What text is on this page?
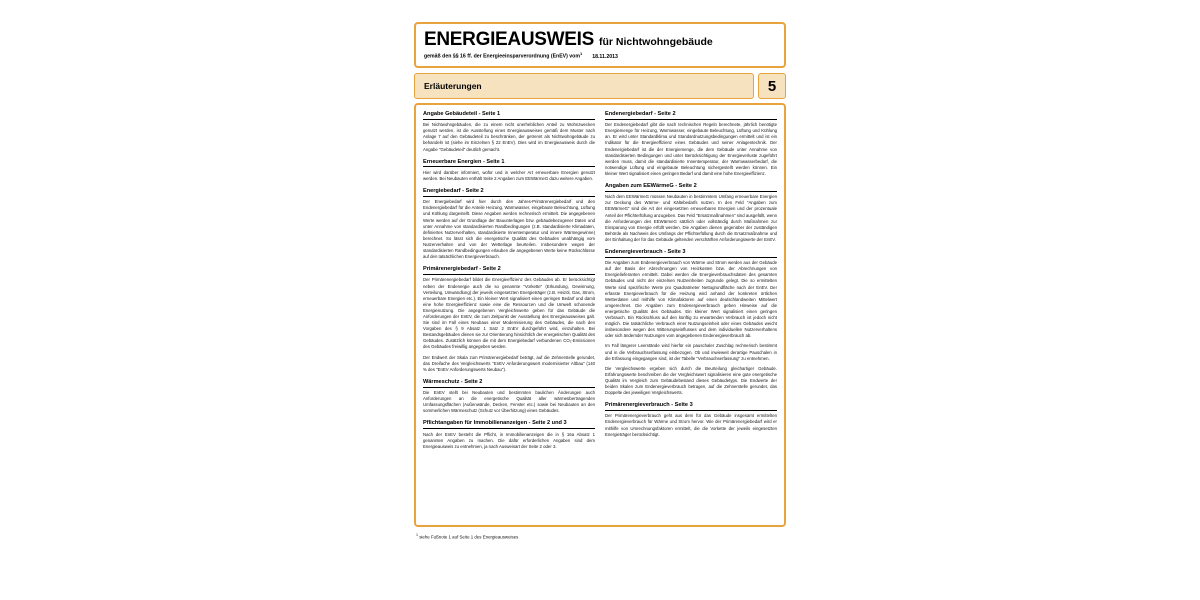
ENERGIEAUSWEIS für Nichtwohngebäude
gemäß den §§ 16 ff. der Energieeinsparverordnung (EnEV) vom$^1$18.11.2013
Erläuterungen	5
Angabe Gebäudeteil - Seite 1

Bei Nichtwohngebäuden, die zu einem nicht unerheblichen Anteil zu Wohnzwecken genutzt werden, ist die Ausstellung eines Energieausweises gemäß dem Muster nach Anlage 7 auf den Gebäudeteil zu beschränken, der getrennt als Nichtwohngebäude zu behandeln ist (siehe im Einzelnen § 22 EnEV). Dies wird im Energieausweis durch die Angabe "Gebäudeteil" deutlich gemacht.

Erneuerbare Energien - Seite 1

Hier wird darüber informiert, wofür und in welcher Art erneuerbare Energien genutzt werden. Bei Neubauten enthält Seite 2 Angaben zum EEWärmeG dazu weitere Angaben.

Energiebedarf - Seite 2

Der Energiebedarf wird hier durch den Jahres-Primärenergiebedarf und den Endenergiebedarf für die Anteile Heizung, Warmwasser, eingebaute Beleuchtung, Lüftung und Kühlung dargestellt. Diese Angaben werden rechnerisch ermittelt. Die angegebenen Werte werden auf der Grundlage der Bauunterlagen bzw. gebäudebezogener Daten und unter Annahme von standardisierten Randbedingungen (z.B. standardisierte Klimadaten, definiertes Nutzerverhalten, standardisierte Innentemperatur und innere Wärmegewinne) berechnet. So lässt sich die energetische Qualität des Gebäudes unabhängig vom Nutzerverhalten und von der Wetterlage beurteilen. Insbesondere wegen der standardisierten Randbedingungen erlauben die angegebenen Werte keine Rückschlüsse auf den tatsächlichen Energieverbrauch.

Primärenergiebedarf - Seite 2

Der Primärenergiebedarf bildet die Energieeffizienz des Gebäudes ab. Er berücksichtigt neben der Endenergie auch die so genannte "Vorkette" (Erkundung, Gewinnung, Verteilung, Umwandlung) der jeweils eingesetzten Energieträger (z.B. Heizöl, Gas, Strom, erneuerbare Energien etc.). Ein kleiner Wert signalisiert einen geringen Bedarf und damit eine hohe Energieeffizienz sowie eine die Ressourcen und die Umwelt schonende Energienutzung. Die angegebenen Vergleichswerte geben für das Gebäude die Anforderungen der EnEV, die zum Zeitpunkt der Ausstellung des Energieausweises galt. Sie sind im Fall eines Neubaus einer Modernisierung des Gebäudes, die nach den Vorgaben des § 9 Absatz 1 Satz 2 EnEV durchgeführt wird, einzuhalten. Bei Bestandsgebäuden dienen sie zur Orientierung hinsichtlich der energetischen Qualität des Gebäudes. Zusätzlich können die mit dem Energiebedarf verbundenen CO₂-Emissionen des Gebäudes freiwillig angegeben werden.

Der Endwert der Skala zum Primärenergiebedarf beträgt, auf die Zehnerstelle gerundet, das Dreifache des Vergleichswerts "EnEV Anforderungswert modernisierter Altbau" (140 % des "EnEV Anforderungswerts Neubau").

Wärmeschutz - Seite 2

Die EnEV stellt bei Neubauten und bestimmten baulichen Änderungen auch Anforderungen an die energetische Qualität aller wärmeübertragenden Umfassungsflächen (Außenwände, Decken, Fenster etc.) sowie bei Neubauten an den sommerlichen Wärmeschutz (Schutz vor Überhitzung) eines Gebäudes.

Pflichtangaben für Immobilienanzeigen - Seite 2 und 3

Nach der EnEV besteht die Pflicht, in Immobilienanzeigen die in § 16a Absatz 1 genannten Angaben zu machen. Die dafür erforderlichen Angaben sind dem Energieausweis zu entnehmen, ja nach Ausweisart der Seite 2 oder 3.

Endenergiebedarf - Seite 2

Der Endenergiebedarf gibt die nach technischen Regeln berechnete, jährlich benötigte Energiemenge für Heizung, Warmwasser, eingebaute Beleuchtung, Lüftung und Kühlung an. Er wird unter Standardklima und Standardnutzungsbedingungen ermittelt und ist ein Indikator für die Energieeffizienz eines Gebäudes und seiner Anlagentechnik. Der Endenergiebedarf ist die der Energiemenge, die dem Gebäude unter Annahme von standardisierten Bedingungen und unter Berücksichtigung der Energieverluste zugeführt werden muss, damit die standardisierte Innentemperatur, der Warmwasserbedarf, die notwendige Lüftung und eingebaute Beleuchtung sichergestellt werden können. Ein kleiner Wert signalisiert einen geringen Bedarf und damit eine hohe Energieeffizienz.

Angaben zum EEWärmeG - Seite 2

Nach dem EEWärmeG müssen Neubauten in bestimmtem Umfang erneuerbare Energien zur Deckung des Wärme- und Kältebedarfs nutzen. In den Feld "Angaben zum EEWärmeG" sind die Art der eingesetzten erneuerbaren Energien und der prozentuale Anteil der Pflichterfüllung anzugeben. Das Feld "Ersatzmaßnahmen" sind ausgefüllt, wenn die Anforderungen des EEWärmeG sätzlich oder vollständig durch Maßnahmen zur Einsparung von Energie erfüllt werden. Die Angaben dienen gegenüber der zuständigen Behörde als Nachweis des Umfangs der Pflichterfüllung durch die Ersatzmaßnahme und der Einhaltung der für das Gebäude geltenden verschärften Anforderungswerte der EnEV.

Endenergieverbrauch - Seite 3

Die Angaben zum Endenergieverbrauch von Wärme und Strom werden aus der Gebäude auf der Basis der Abrechnungen von Heizkosten bzw. der Abrechnungen von Energielieferanten ermittelt. Dabei werden die Energieverbrauchsdaten des gesamten Gebäudes und nicht der einzelnen Nutzeinheiten zugrunde gelegt. Die so ermittelten Werte sind spezifische Werte pro Quadratmeter Nettogrundfläche nach der EnEV. Der erfasste Energieverbrauch für die Heizung wird anhand der konkreten örtlichen Wetterdaten und mithilfe von Klimafaktoren auf einen deutschlandweiten Mittelwert umgerechnet. Die Angaben zum Endenergieverbrauch geben Hinweise auf die energetische Qualität des Gebäudes. Ein kleiner Wert signalisiert einen geringen Verbrauch. Ein Rückschluss auf den künftig zu erwartenden Verbrauch ist jedoch nicht möglich. Die tatsächliche Verbrauch einer Nutzungseinheit oder eines Gebäudes weicht insbesondere wegen des Witterungseinflusses und dem individuellen Nutzerverhaltens oder sich ändernder Nutzungen vom angegebenen Endenergieverbrauch ab.

Im Fall längerer Leerstände wird hierfür ein pauschaler Zuschlag rechnerisch bestimmt und in die Verbrauchserfassung einbezogen. Ob und inwieweit derartige Pauschalen in die Erfassung eingegangen sind, ist der Tabelle "Verbrauchserfassung" zu entnehmen.

Die Vergleichswerte ergeben sich durch die Beurteilung gleichartiger Gebäude. Erfahrungswerte beschreiben die der Vergleichswert signalisieren eine gute energetische Qualität im Vergleich zum Gebäudebestand dieses Gebäudetyps. Die Endwerte der beiden Skalen zum Endenergieverbrauch betragen, auf die Zehnerstelle gerundet, das Doppelte des jeweiligen Vergleichswerts.

Primärenergieverbrauch - Seite 3

Der Primärenergieverbrauch geht aus dem für das Gebäude insgesamt ermittelten Endenergieverbrauch für Wärme und Strom hervor. Wie der Primärenergiebedarf wird er mithilfe von Umrechnungsfaktoren ermittelt, die die Vorkette der jeweils eingesetzten Energieträger berücksichtigt.

$^1$ siehe Fußnote 1 auf Seite 1 des Energieausweises
